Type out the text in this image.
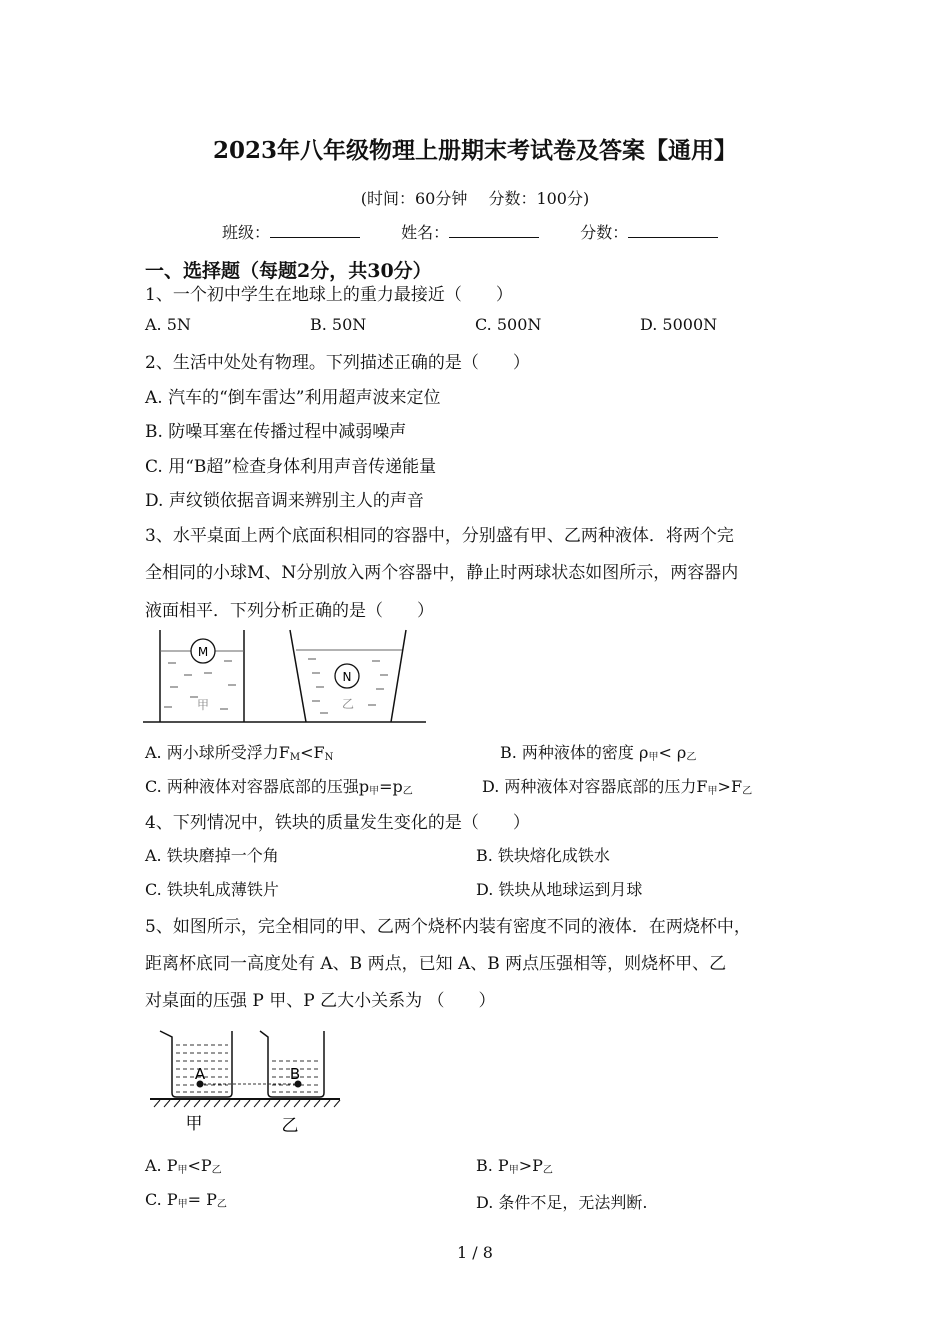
2023年八年级物理上册期末考试卷及答案【通用】
(时间：60分钟　 分数：100分)
班级：	姓名：	分数：
一、选择题（每题2分，共30分）
1、一个初中学生在地球上的重力最接近（　　）
A. 5N	B. 50N	C. 500N	D. 5000N
2、生活中处处有物理。下列描述正确的是（　　）
A. 汽车的“倒车雷达”利用超声波来定位
B. 防噪耳塞在传播过程中减弱噪声
C. 用“B超”检查身体利用声音传递能量
D. 声纹锁依据音调来辨别主人的声音
3、水平桌面上两个底面积相同的容器中，分别盛有甲、乙两种液体．将两个完
全相同的小球M、N分别放入两个容器中，静止时两球状态如图所示，两容器内
液面相平．下列分析正确的是（　　）
M
甲
N
乙
A. 两小球所受浮力$F_M<F_N$	B. 两种液体的密度 $\rho_甲< \rho_乙$
C. 两种液体对容器底部的压强$p_甲=p_乙$	D. 两种液体对容器底部的压力$F_甲>F_乙$
4、下列情况中，铁块的质量发生变化的是（　　）
A. 铁块磨掉一个角	B. 铁块熔化成铁水
C. 铁块轧成薄铁片	D. 铁块从地球运到月球
5、如图所示，完全相同的甲、乙两个烧杯内装有密度不同的液体．在两烧杯中，
距离杯底同一高度处有 A、B 两点，已知 A、B 两点压强相等，则烧杯甲、乙
对桌面的压强 P 甲、P 乙大小关系为 （　　）
A	B
甲	乙
A. $P_甲<P_乙$	B. $P_甲>P_乙$
C. $P_甲= P_乙$	D. 条件不足，无法判断.
1 / 8
